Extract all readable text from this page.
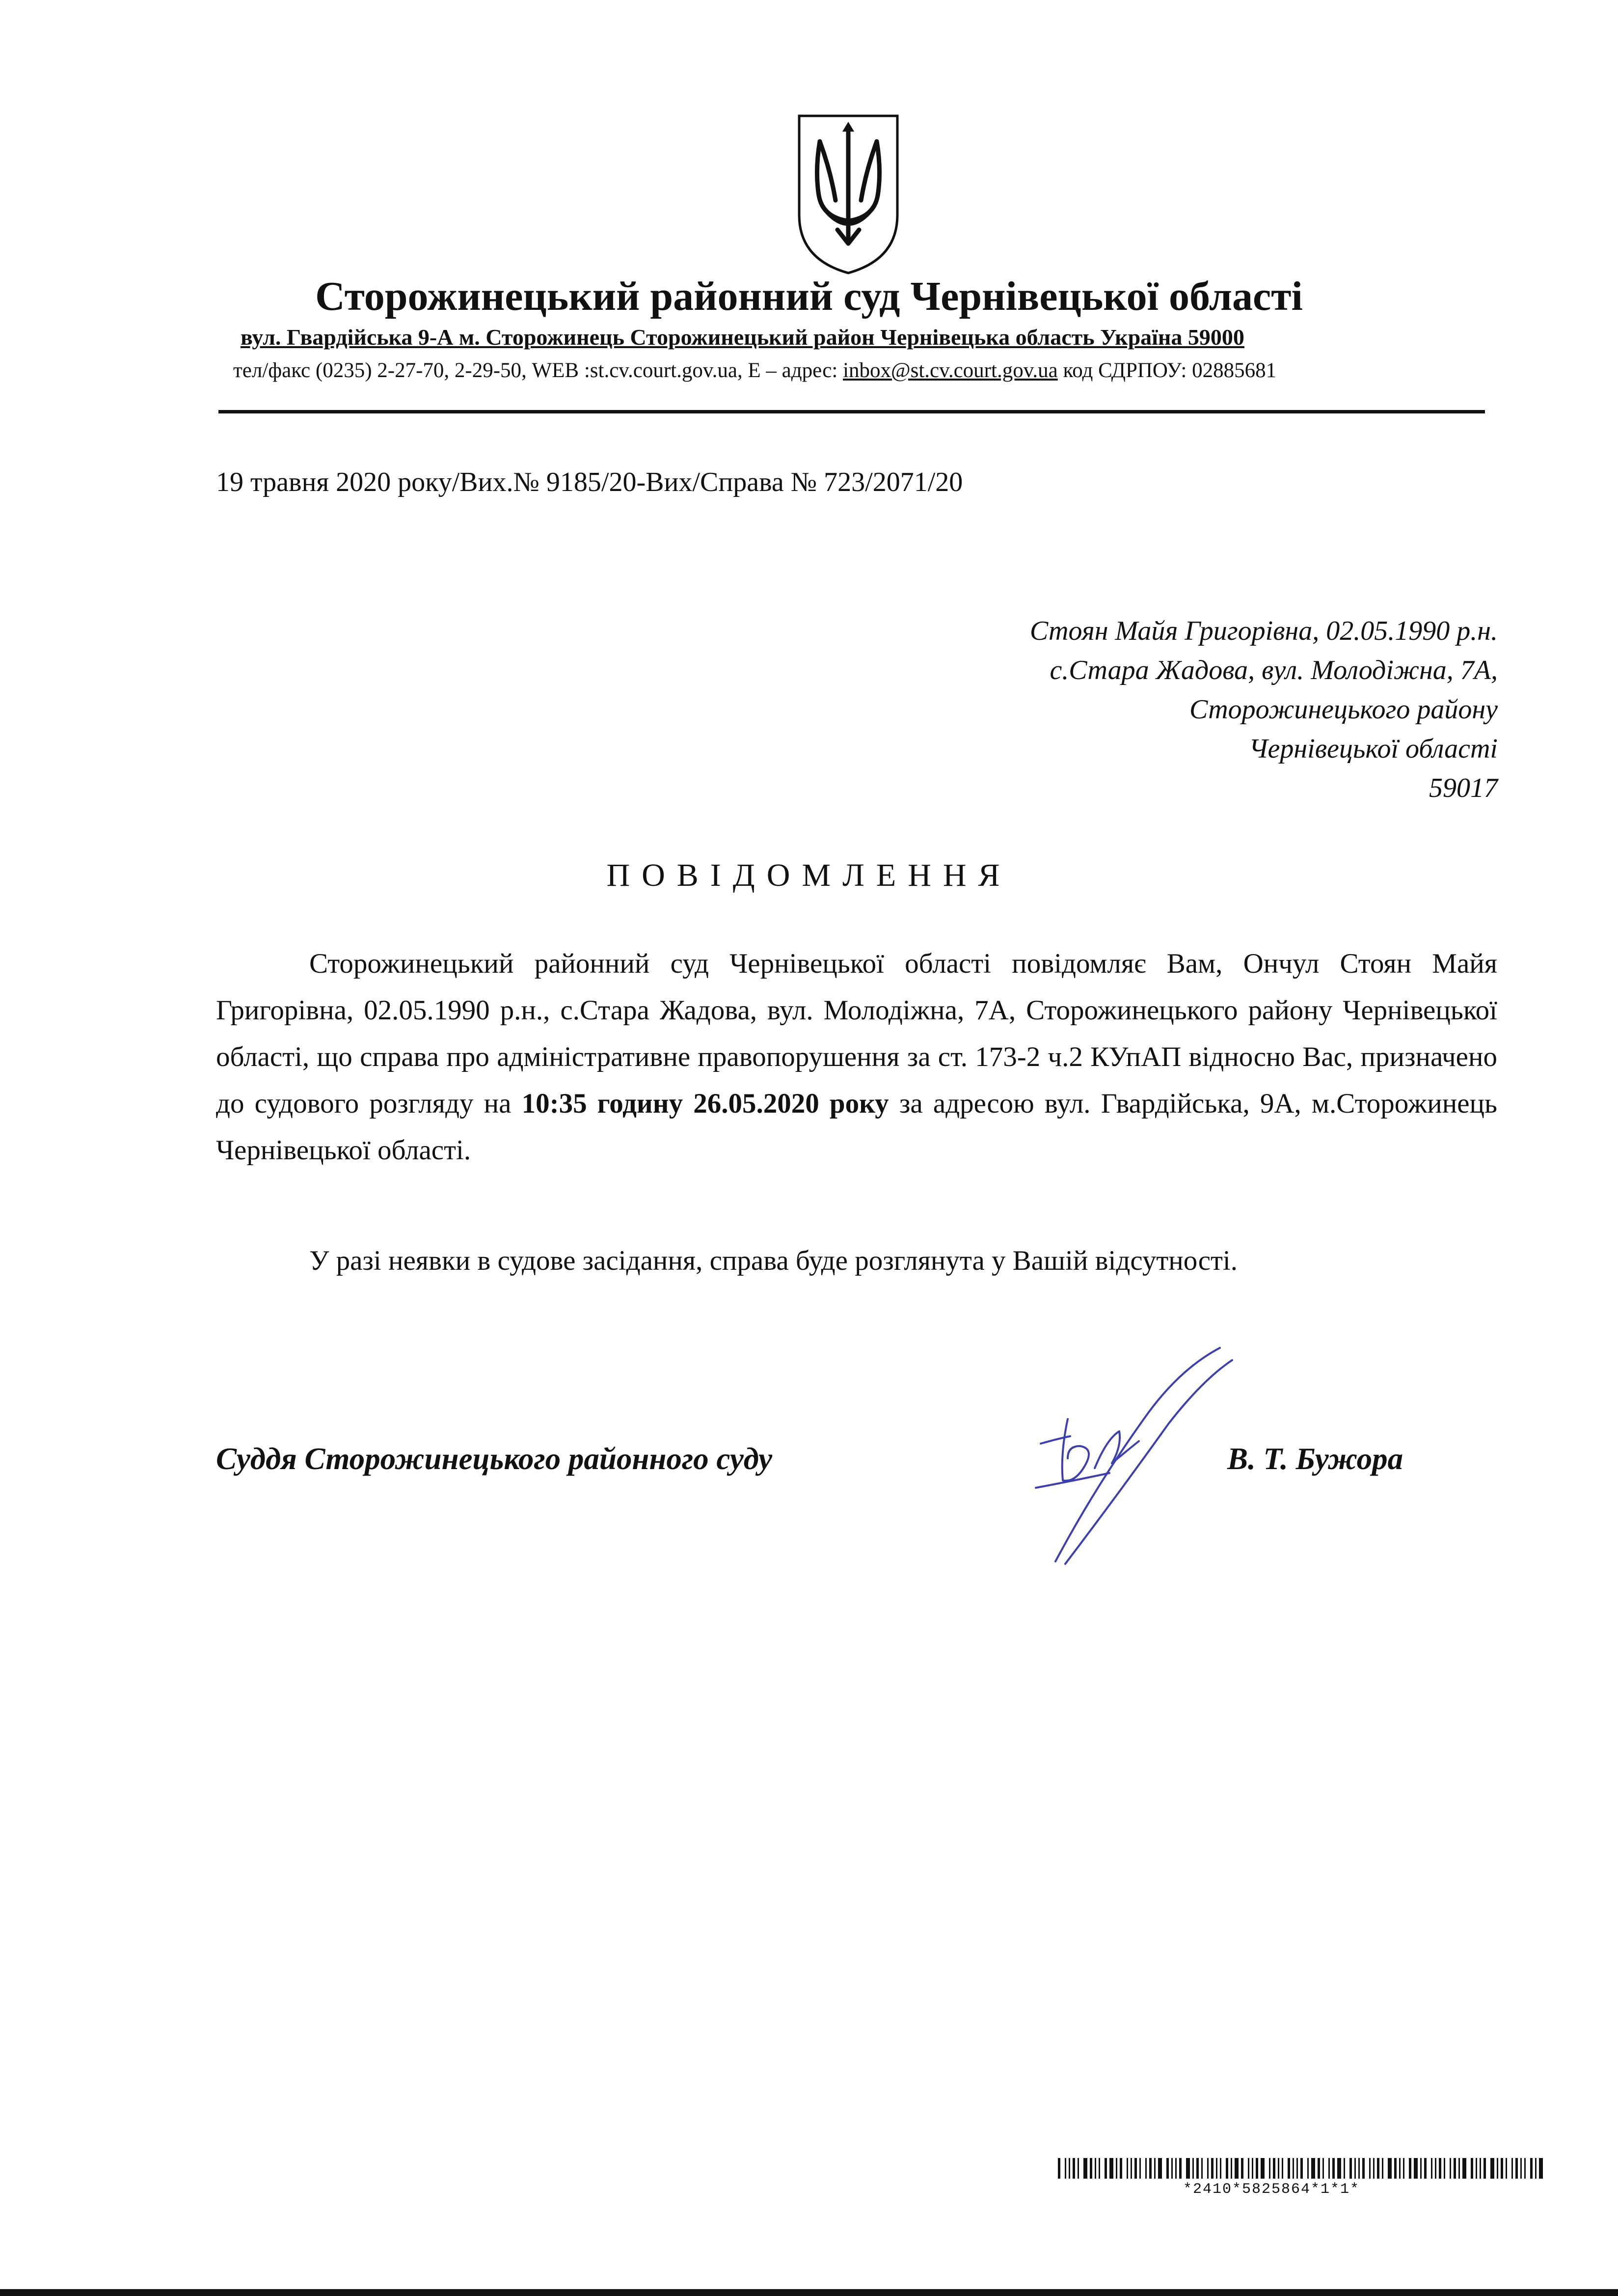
Сторожинецький районний суд Чернівецької області
вул. Гвардійська 9-А м. Сторожинець Сторожинецький район Чернівецька область Україна 59000
тел/факс (0235) 2-27-70, 2-29-50, WEB :st.cv.court.gov.ua, Е – адрес: inbox@st.cv.court.gov.ua код СДРПОУ: 02885681
19 травня 2020 року/Вих.№ 9185/20-Вих/Справа № 723/2071/20
Стоян Майя Григорівна, 02.05.1990 р.н.
с.Стара Жадова, вул. Молодіжна, 7А,
Сторожинецького району
Чернівецької області
59017
ПОВІДОМЛЕННЯ

Сторожинецький районний суд Чернівецької області повідомляє Вам, Ончул Стоян Майя Григорівна, 02.05.1990 р.н., с.Стара Жадова, вул. Молодіжна, 7А, Сторожинецького району Чернівецької області, що справа про адміністративне правопорушення за ст. 173-2 ч.2 КУпАП відносно Вас, призначено до судового розгляду на 10:35 годину 26.05.2020 року за адресою вул. Гвардійська, 9А, м.Сторожинець Чернівецької області.

У разі неявки в судове засідання, справа буде розглянута у Вашій відсутності.

Суддя Сторожинецького районного суду	В. Т. Бужора
*2410*5825864*1*1*
